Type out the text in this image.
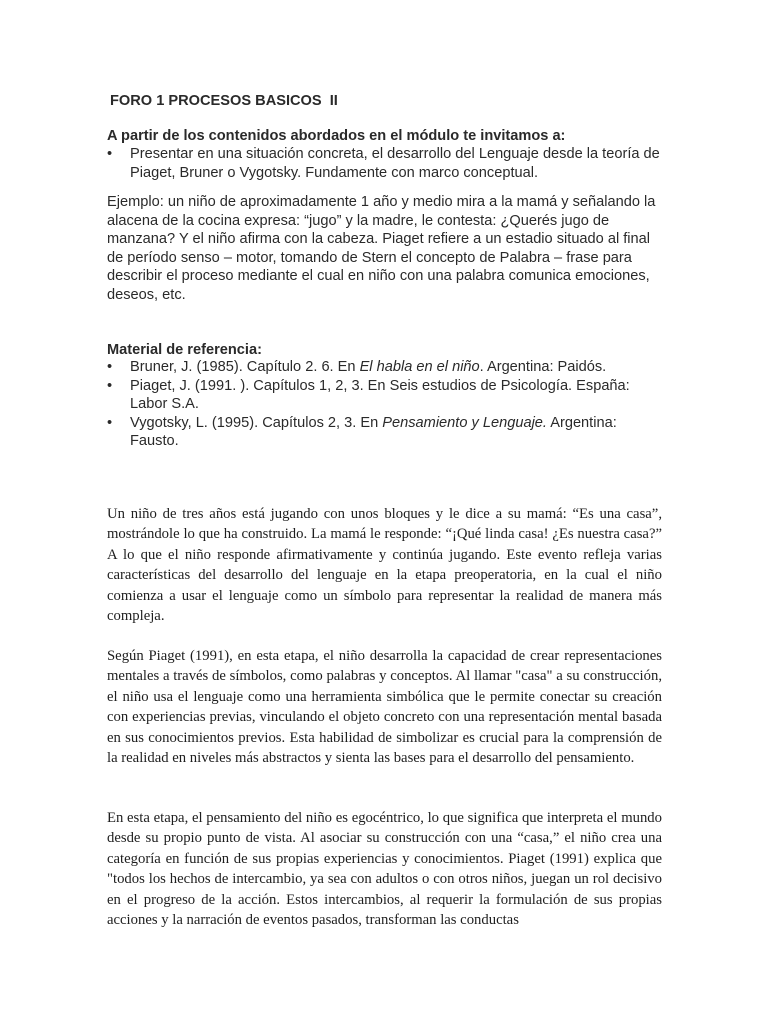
FORO 1 PROCESOS BASICOS  II
A partir de los contenidos abordados en el módulo te invitamos a:
• Presentar en una situación concreta, el desarrollo del Lenguaje desde la teoría de Piaget, Bruner o Vygotsky. Fundamente con marco conceptual.
Ejemplo: un niño de aproximadamente 1 año y medio mira a la mamá y señalando la alacena de la cocina expresa: “jugo” y la madre, le contesta: ¿Querés jugo de manzana? Y el niño afirma con la cabeza. Piaget refiere a un estadio situado al final de período senso – motor, tomando de Stern el concepto de Palabra – frase para describir el proceso mediante el cual en niño con una palabra comunica emociones, deseos, etc.
Material de referencia:
• Bruner, J. (1985). Capítulo 2. 6. En El habla en el niño. Argentina: Paidós.
• Piaget, J. (1991. ). Capítulos 1, 2, 3. En Seis estudios de Psicología. España: Labor S.A.
• Vygotsky, L. (1995). Capítulos 2, 3. En Pensamiento y Lenguaje. Argentina: Fausto.

Un niño de tres años está jugando con unos bloques y le dice a su mamá: “Es una casa”, mostrándole lo que ha construido. La mamá le responde: “¡Qué linda casa! ¿Es nuestra casa?” A lo que el niño responde afirmativamente y continúa jugando. Este evento refleja varias características del desarrollo del lenguaje en la etapa preoperatoria, en la cual el niño comienza a usar el lenguaje como un símbolo para representar la realidad de manera más compleja.

Según Piaget (1991), en esta etapa, el niño desarrolla la capacidad de crear representaciones mentales a través de símbolos, como palabras y conceptos. Al llamar "casa" a su construcción, el niño usa el lenguaje como una herramienta simbólica que le permite conectar su creación con experiencias previas, vinculando el objeto concreto con una representación mental basada en sus conocimientos previos. Esta habilidad de simbolizar es crucial para la comprensión de la realidad en niveles más abstractos y sienta las bases para el desarrollo del pensamiento.

En esta etapa, el pensamiento del niño es egocéntrico, lo que significa que interpreta el mundo desde su propio punto de vista. Al asociar su construcción con una “casa,” el niño crea una categoría en función de sus propias experiencias y conocimientos. Piaget (1991) explica que "todos los hechos de intercambio, ya sea con adultos o con otros niños, juegan un rol decisivo en el progreso de la acción. Estos intercambios, al requerir la formulación de sus propias acciones y la narración de eventos pasados, transforman las conductas
